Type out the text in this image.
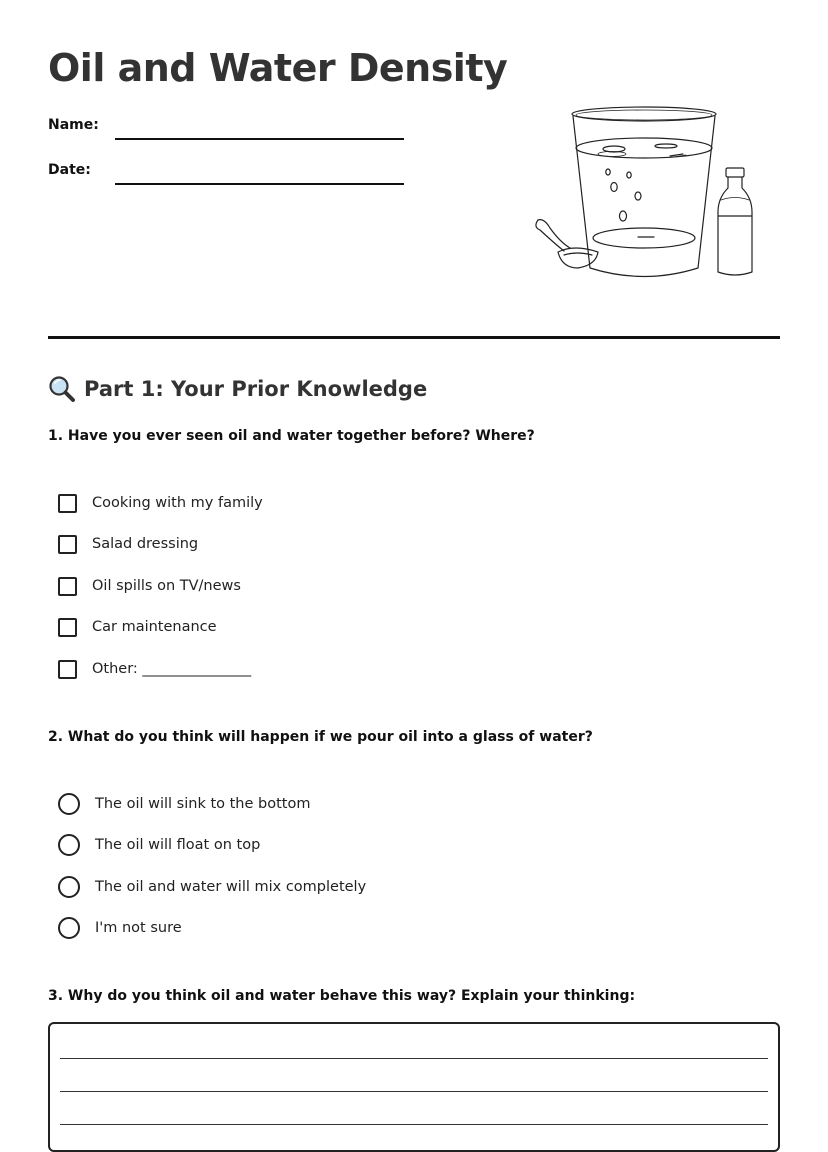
Oil and Water Density
Name:
Date:
Part 1: Your Prior Knowledge
1. Have you ever seen oil and water together before? Where?
Cooking with my family
Salad dressing
Oil spills on TV/news
Car maintenance
Other: _______________
2. What do you think will happen if we pour oil into a glass of water?
The oil will sink to the bottom
The oil will float on top
The oil and water will mix completely
I'm not sure
3. Why do you think oil and water behave this way? Explain your thinking:
